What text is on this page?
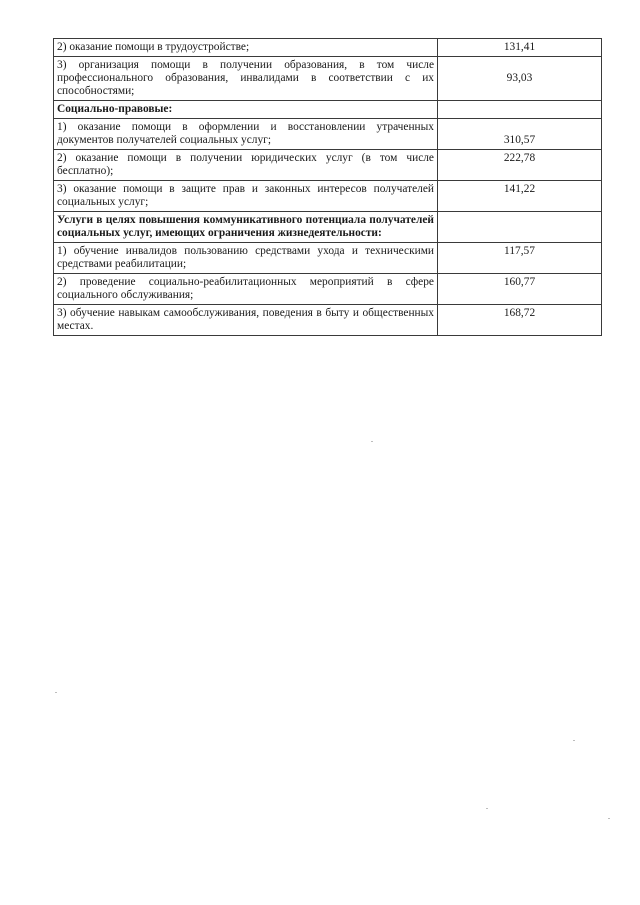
2) оказание помощи в трудоустройстве;	131,41
3) организация помощи в получении образования, в том числе профессионального образования, инвалидами в соответствии с их способностями;	93,03
Социально-правовые:	
1) оказание помощи в оформлении и восстановлении утраченных документов получателей социальных услуг;	310,57
2) оказание помощи в получении юридических услуг (в том числе бесплатно);	222,78
3) оказание помощи в защите прав и законных интересов получателей социальных услуг;	141,22
Услуги в целях повышения коммуникативного потенциала получателей социальных услуг, имеющих ограничения жизнедеятельности:	
1) обучение инвалидов пользованию средствами ухода и техническими средствами реабилитации;	117,57
2) проведение социально-реабилитационных мероприятий в сфере социального обслуживания;	160,77
3) обучение навыкам самообслуживания, поведения в быту и общественных местах.	168,72
